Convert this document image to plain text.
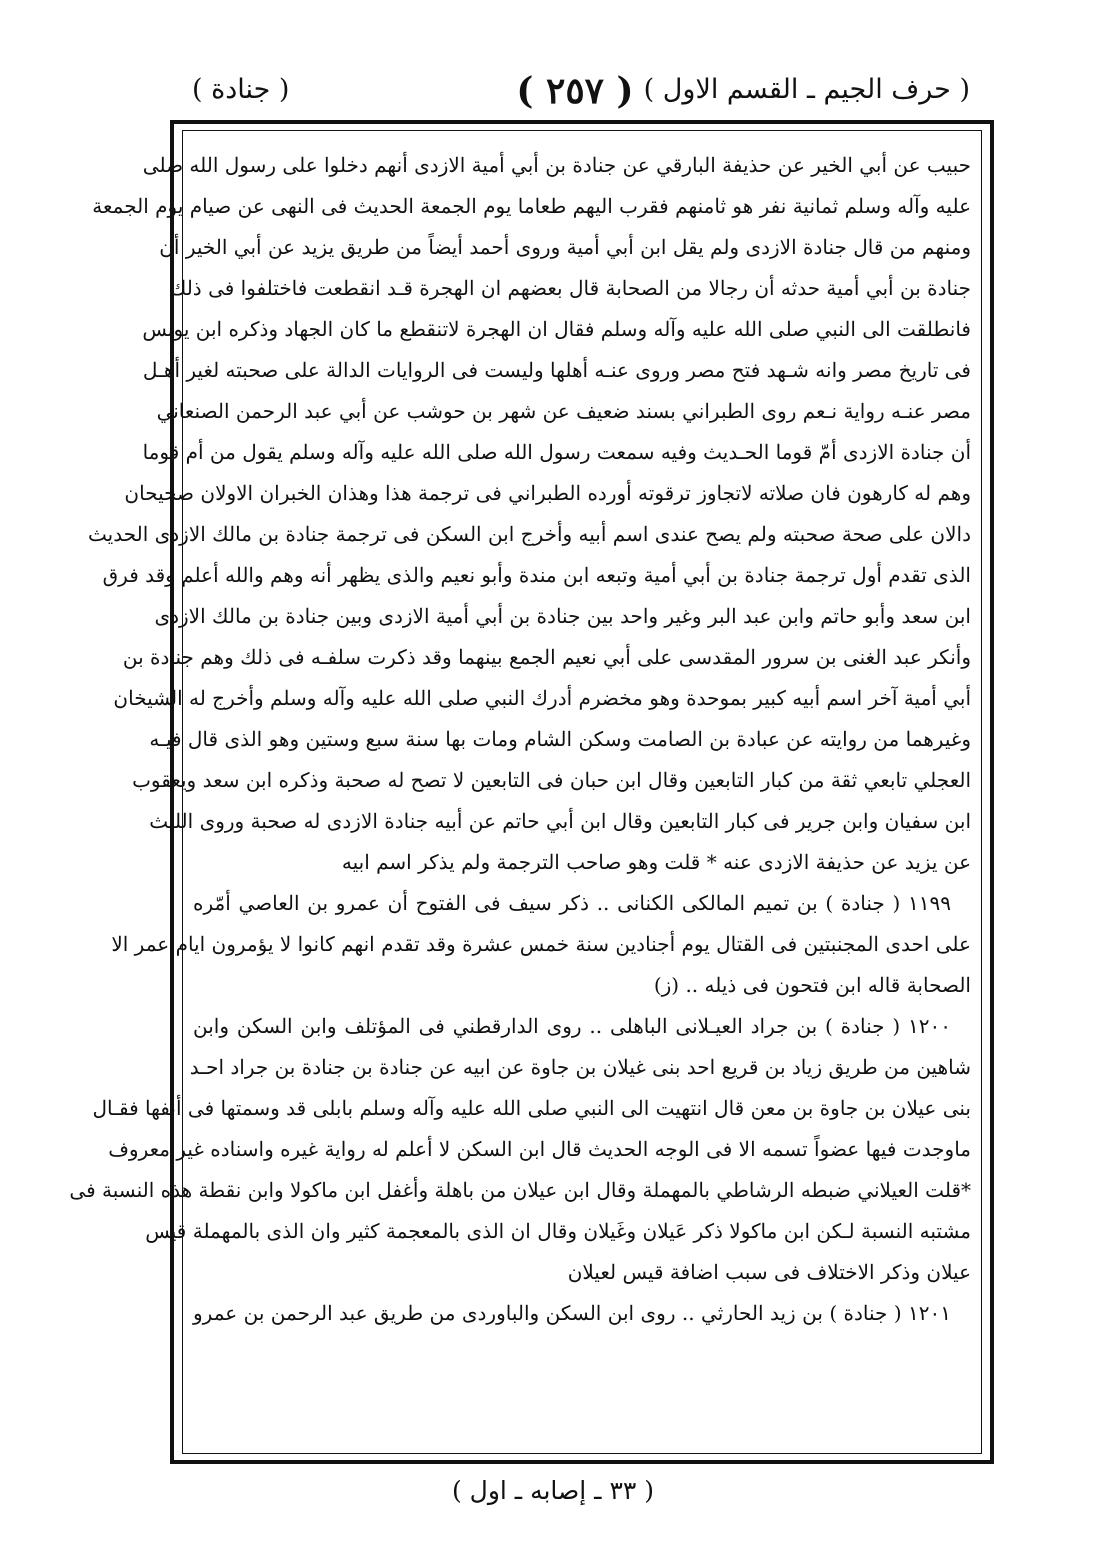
( حرف الجيم ـ القسم الاول )
( ٢٥٧ )
( جنادة )
حبيب عن أبي الخير عن حذيفة البارقي عن جنادة بن أبي أمية الازدى أنهم دخلوا على رسول الله صلى
عليه وآله وسلم ثمانية نفر هو ثامنهم فقرب اليهم طعاما يوم الجمعة الحديث فى النهى عن صيام يوم الجمعة
ومنهم من قال جنادة الازدى ولم يقل ابن أبي أمية وروى أحمد أيضاً من طريق يزيد عن أبي الخير أن
جنادة بن أبي أمية حدثه أن رجالا من الصحابة قال بعضهم ان الهجرة قـد انقطعت فاختلفوا فى ذلك
فانطلقت الى النبي صلى الله عليه وآله وسلم فقال ان الهجرة لاتنقطع ما كان الجهاد وذكره ابن يونس
فى تاريخ مصر وانه شـهد فتح مصر وروى عنـه أهلها وليست فى الروايات الدالة على صحبته لغير أهـل
مصر عنـه رواية نـعم روى الطبراني بسند ضعيف عن شهر بن حوشب عن أبي عبد الرحمن الصنعاني
أن جنادة الازدى أمّ قوما الحـديث وفيه سمعت رسول الله صلى الله عليه وآله وسلم يقول من أم قوما
وهم له كارهون فان صلاته لاتجاوز ترقوته أورده الطبراني فى ترجمة هذا وهذان الخبران الاولان صحيحان
دالان على صحة صحبته ولم يصح عندى اسم أبيه وأخرج ابن السكن فى ترجمة جنادة بن مالك الازدى الحديث
الذى تقدم أول ترجمة جنادة بن أبي أمية وتبعه ابن مندة وأبو نعيم والذى يظهر أنه وهم والله أعلم وقد فرق
ابن سعد وأبو حاتم وابن عبد البر وغير واحد بين جنادة بن أبي أمية الازدى وبين جنادة بن مالك الازدى
وأنكر عبد الغنى بن سرور المقدسى على أبي نعيم الجمع بينهما وقد ذكرت سلفـه فى ذلك وهم جنادة بن
أبي أمية آخر اسم أبيه كبير بموحدة وهو مخضرم أدرك النبي صلى الله عليه وآله وسلم وأخرج له الشيخان
وغيرهما من روايته عن عبادة بن الصامت وسكن الشام ومات بها سنة سبع وستين وهو الذى قال فيـه
العجلي تابعي ثقة من كبار التابعين وقال ابن حبان فى التابعين لا تصح له صحبة وذكره ابن سعد ويعقوب
ابن سفيان وابن جرير فى كبار التابعين وقال ابن أبي حاتم عن أبيه جنادة الازدى له صحبة وروى الليث
عن يزيد عن حذيفة الازدى عنه * قلت وهو صاحب الترجمة ولم يذكر اسم ابيه
١١٩٩ ( جنادة ) بن تميم المالكى الكنانى .. ذكر سيف فى الفتوح أن عمرو بن العاصي أمّره
على احدى المجنبتين فى القتال يوم أجنادين سنة خمس عشرة وقد تقدم انهم كانوا لا يؤمرون ايام عمر الا
الصحابة قاله ابن فتحون فى ذيله .. (ز)
١٢٠٠ ( جنادة ) بن جراد العيـلانى الباهلى .. روى الدارقطني فى المؤتلف وابن السكن وابن
شاهين من طريق زياد بن قريع احد بنى غيلان بن جاوة عن ابيه عن جنادة بن جنادة بن جراد احـد
بنى عيلان بن جاوة بن معن قال انتهيت الى النبي صلى الله عليه وآله وسلم بابلى قد وسمتها فى أنفها فقـال
ماوجدت فيها عضواً تسمه الا فى الوجه الحديث قال ابن السكن لا أعلم له رواية غيره واسناده غير معروف
*قلت العيلاني ضبطه الرشاطي بالمهملة وقال ابن عيلان من باهلة وأغفل ابن ماكولا وابن نقطة هذه النسبة فى
مشتبه النسبة لـكن ابن ماكولا ذكر عَيلان وغَيلان وقال ان الذى بالمعجمة كثير وان الذى بالمهملة قيس
عيلان وذكر الاختلاف فى سبب اضافة قيس لعيلان
١٢٠١ ( جنادة ) بن زيد الحارثي .. روى ابن السكن والباوردى من طريق عبد الرحمن بن عمرو
( ٣٣ ـ إصابه ـ اول )
